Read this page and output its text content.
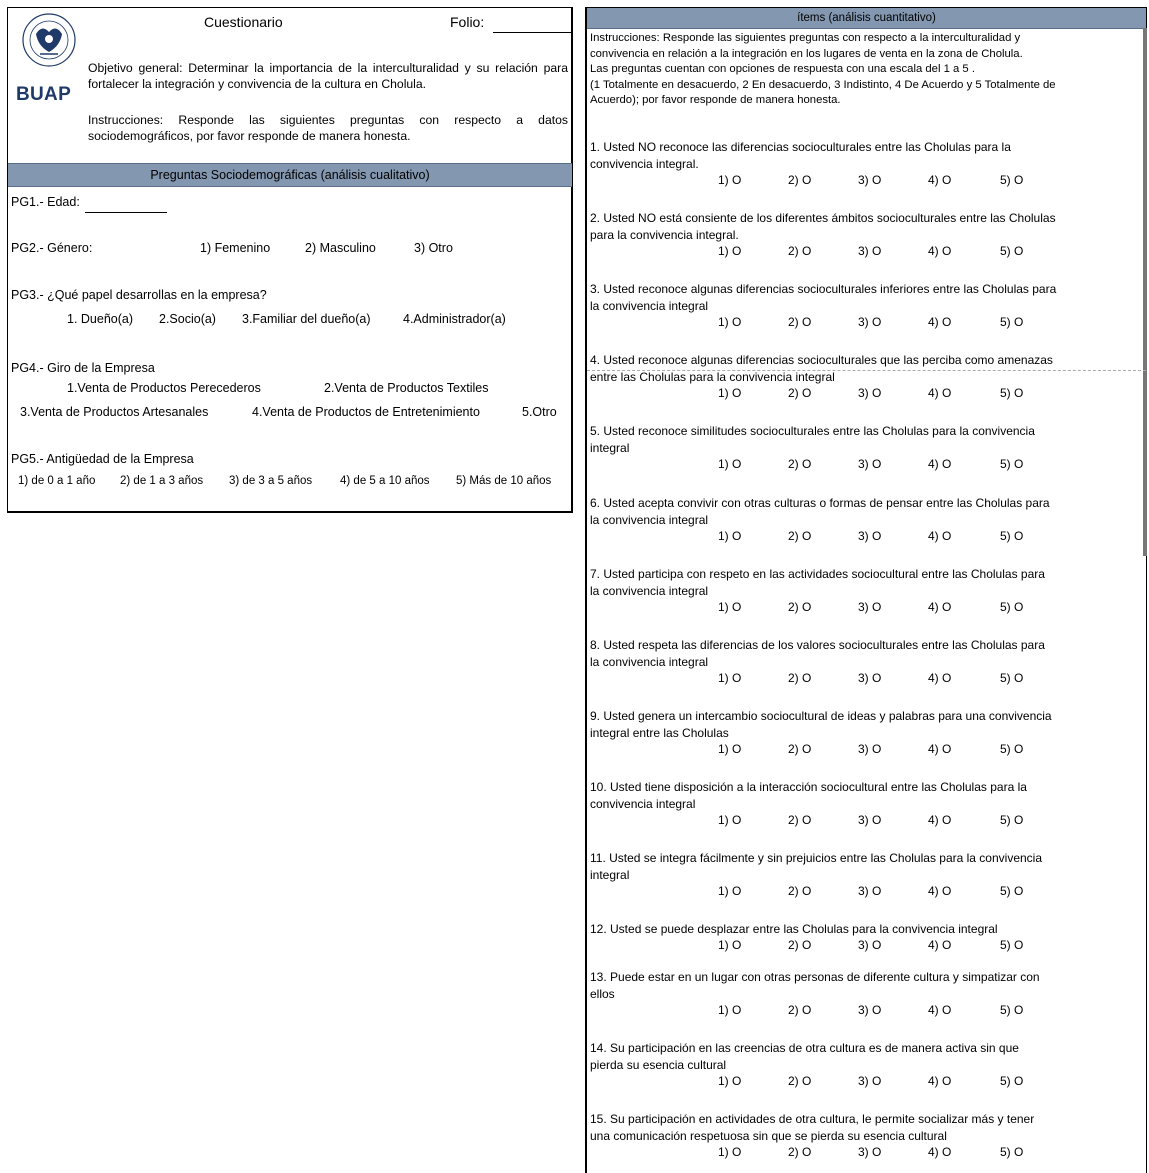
BUAP
Cuestionario	Folio:
Objetivo general: Determinar la importancia de la interculturalidad y su relación para fortalecer la integración y convivencia de la cultura en Cholula.
Instrucciones: Responde las siguientes preguntas con respecto a datos sociodemográficos, por favor responde de manera honesta.
Preguntas Sociodemográficas (análisis cualitativo)
PG1.- Edad:
PG2.- Género:	1) Femenino	2) Masculino	3) Otro
PG3.- ¿Qué papel desarrollas en la empresa?
1. Dueño(a) 2.Socio(a) 3.Familiar del dueño(a)	4.Administrador(a)
PG4.- Giro de la Empresa
1.Venta de Productos Perecederos	2.Venta de Productos Textiles
3.Venta de Productos Artesanales	4.Venta de Productos de Entretenimiento	5.Otro
PG5.- Antigüedad de la Empresa
1) de 0 a 1 año 2) de 1 a 3 años 3) de 3 a 5 años 4) de 5 a 10 años 5) Más de 10 años
ítems (análisis cuantitativo)
Instrucciones: Responde las siguientes preguntas con respecto a la interculturalidad y
convivencia en relación a la integración en los lugares de venta en la zona de Cholula.
Las preguntas cuentan con opciones de respuesta con una escala del 1 a 5 .
(1 Totalmente en desacuerdo, 2 En desacuerdo, 3 Indistinto, 4 De Acuerdo y 5 Totalmente de
Acuerdo); por favor responde de manera honesta.
1. Usted NO reconoce las diferencias socioculturales entre las Cholulas para la
convivencia integral.
1) O	2) O	3) O	4) O	5) O
2. Usted NO está consiente de los diferentes ámbitos socioculturales entre las Cholulas
para la convivencia integral.
1) O	2) O	3) O	4) O	5) O
3. Usted reconoce algunas diferencias socioculturales inferiores entre las Cholulas para
la convivencia integral
1) O	2) O	3) O	4) O	5) O
4. Usted reconoce algunas diferencias socioculturales que las perciba como amenazas
entre las Cholulas para la convivencia integral
1) O	2) O	3) O	4) O	5) O
5. Usted reconoce similitudes socioculturales entre las Cholulas para la convivencia
integral
1) O	2) O	3) O	4) O	5) O
6. Usted acepta convivir con otras culturas o formas de pensar entre las Cholulas para
la convivencia integral
1) O	2) O	3) O	4) O	5) O
7. Usted participa con respeto en las actividades sociocultural entre las Cholulas para
la convivencia integral
1) O	2) O	3) O	4) O	5) O
8. Usted respeta las diferencias de los valores socioculturales entre las Cholulas para
la convivencia integral
1) O	2) O	3) O	4) O	5) O
9. Usted genera un intercambio sociocultural de ideas y palabras para una convivencia
integral entre las Cholulas
1) O	2) O	3) O	4) O	5) O
10. Usted tiene disposición a la interacción sociocultural entre las Cholulas para la
convivencia integral
1) O	2) O	3) O	4) O	5) O
11. Usted se integra fácilmente y sin prejuicios entre las Cholulas para la convivencia
integral
1) O	2) O	3) O	4) O	5) O
12. Usted se puede desplazar entre las Cholulas para la convivencia integral
1) O	2) O	3) O	4) O	5) O
13. Puede estar en un lugar con otras personas de diferente cultura y simpatizar con
ellos
1) O	2) O	3) O	4) O	5) O
14. Su participación en las creencias de otra cultura es de manera activa sin que
pierda su esencia cultural
1) O	2) O	3) O	4) O	5) O
15. Su participación en actividades de otra cultura, le permite socializar más y tener
una comunicación respetuosa sin que se pierda su esencia cultural
1) O	2) O	3) O	4) O	5) O
